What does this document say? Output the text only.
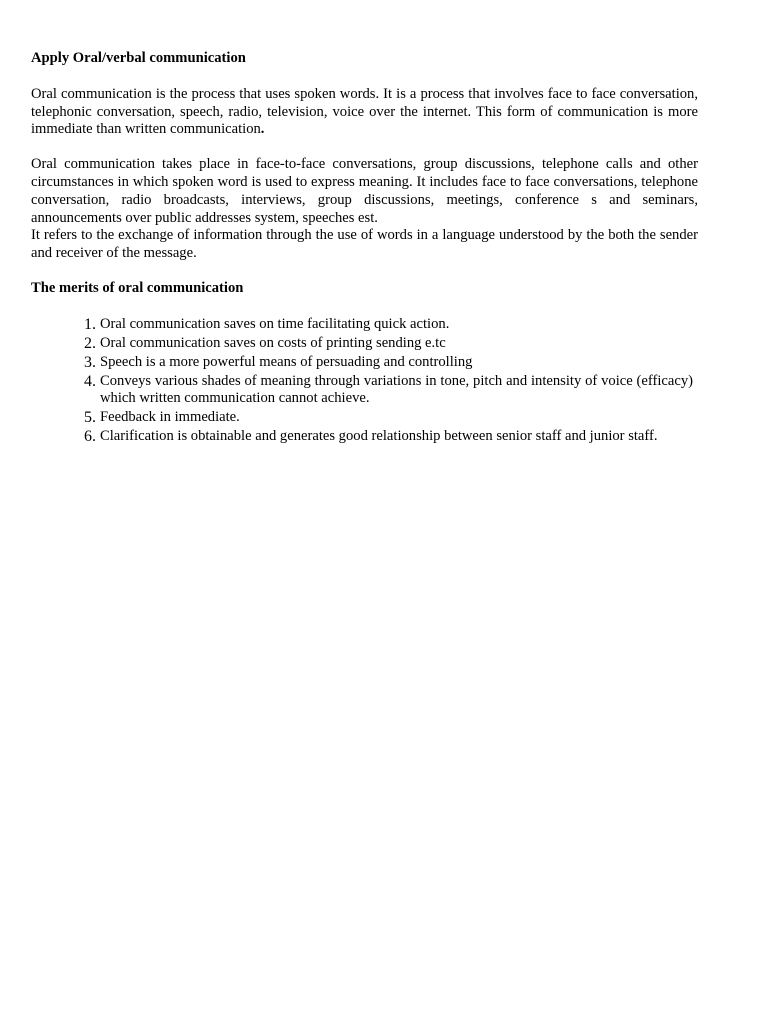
Apply Oral/verbal communication

Oral communication is the process that uses spoken words. It is a process that involves face to face conversation, telephonic conversation, speech, radio, television, voice over the internet. This form of communication is more immediate than written communication.

Oral communication takes place in face-to-face conversations, group discussions, telephone calls and other circumstances in which spoken word is used to express meaning. It includes face to face conversations, telephone conversation, radio broadcasts, interviews, group discussions, meetings, conference s and seminars, announcements over public addresses system, speeches est.

It refers to the exchange of information through the use of words in a language understood by the both the sender and receiver of the message.

The merits of oral communication

1. Oral communication saves on time facilitating quick action.
2. Oral communication saves on costs of printing sending e.tc
3. Speech is a more powerful means of persuading and controlling
4. Conveys various shades of meaning through variations in tone, pitch and intensity of voice (efficacy) which written communication cannot achieve.
5. Feedback in immediate.
6. Clarification is obtainable and generates good relationship between senior staff and junior staff.
